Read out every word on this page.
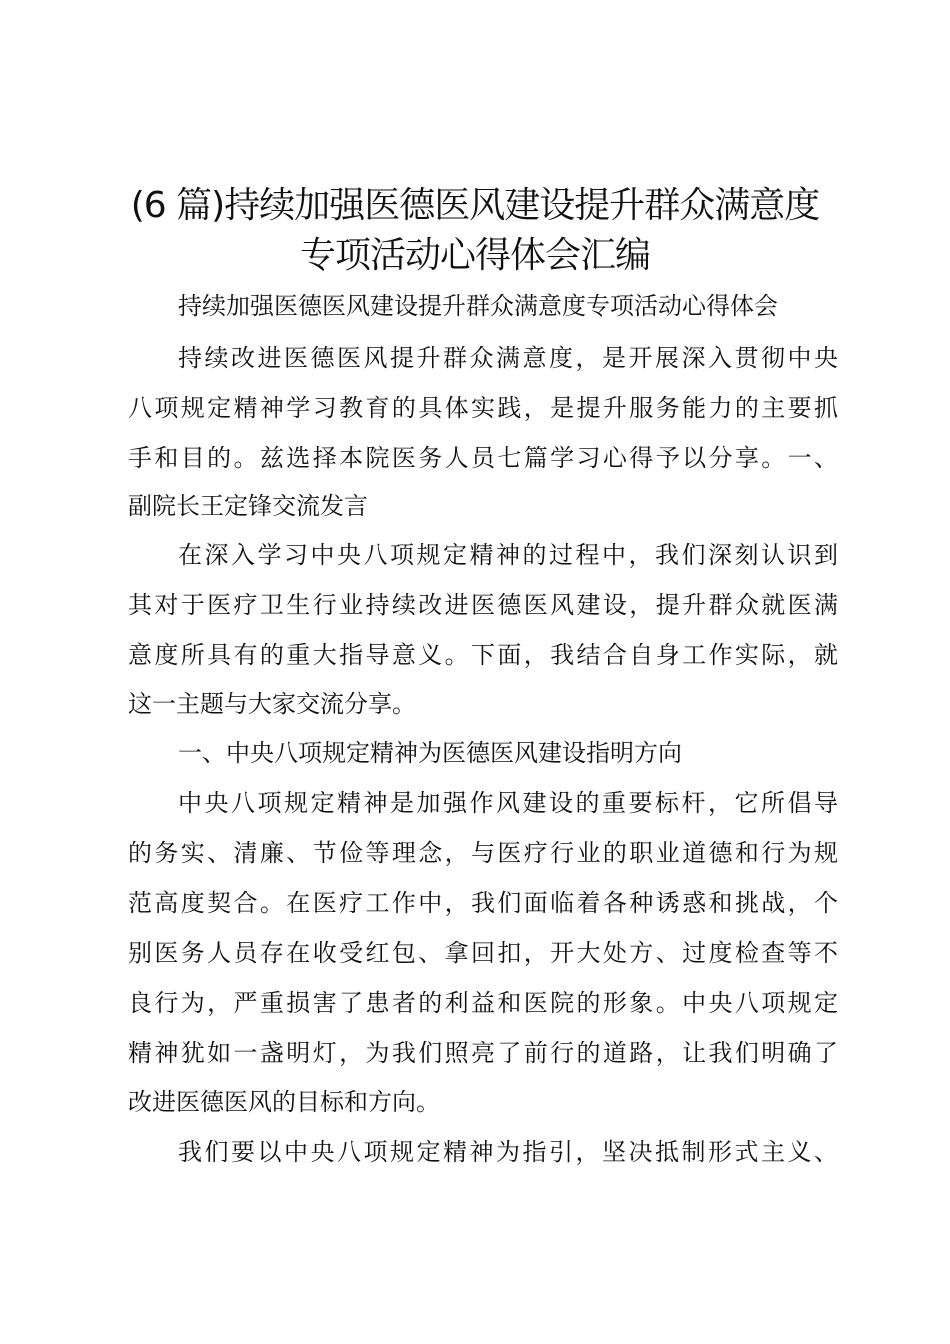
(6 篇)持续加强医德医风建设提升群众满意度
专项活动心得体会汇编

持续加强医德医风建设提升群众满意度专项活动心得体会

持续改进医德医风提升群众满意度，是开展深入贯彻中央

八项规定精神学习教育的具体实践，是提升服务能力的主要抓

手和目的。兹选择本院医务人员七篇学习心得予以分享。一、

副院长王定锋交流发言

在深入学习中央八项规定精神的过程中，我们深刻认识到

其对于医疗卫生行业持续改进医德医风建设，提升群众就医满

意度所具有的重大指导意义。下面，我结合自身工作实际，就

这一主题与大家交流分享。

一、中央八项规定精神为医德医风建设指明方向

中央八项规定精神是加强作风建设的重要标杆，它所倡导

的务实、清廉、节俭等理念，与医疗行业的职业道德和行为规

范高度契合。在医疗工作中，我们面临着各种诱惑和挑战，个

别医务人员存在收受红包、拿回扣，开大处方、过度检查等不

良行为，严重损害了患者的利益和医院的形象。中央八项规定

精神犹如一盏明灯，为我们照亮了前行的道路，让我们明确了

改进医德医风的目标和方向。

我们要以中央八项规定精神为指引，坚决抵制形式主义、
